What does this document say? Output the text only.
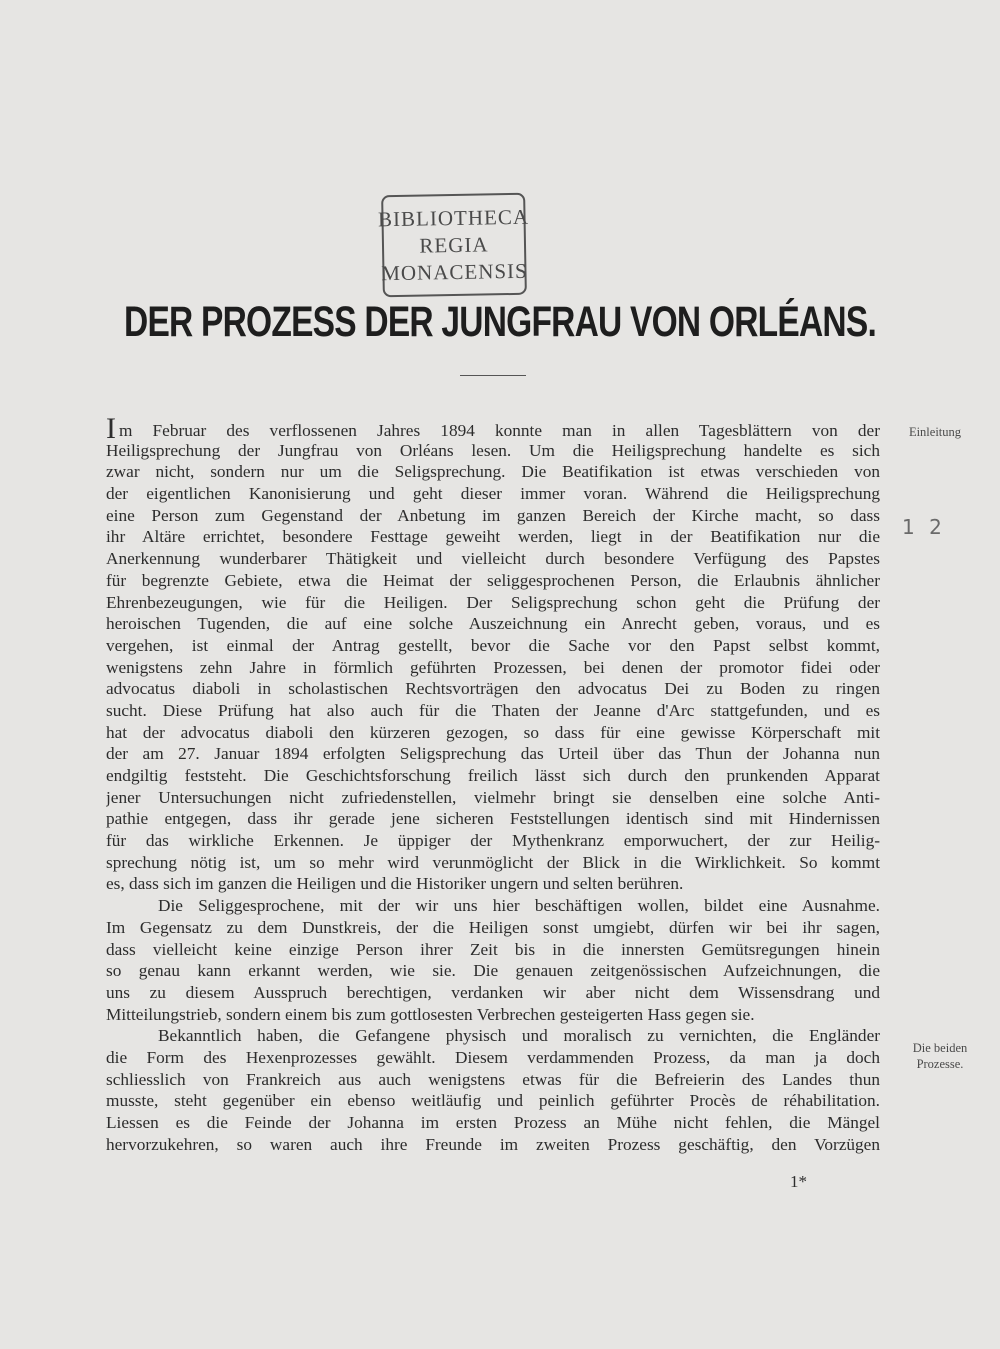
BIBLIOTHECA
REGIA
MONACENSIS
DER PROZESS DER JUNGFRAU VON ORLÉANS.
Einleitung
1 2
Die beiden
Prozesse.
Im Februar des verflossenen Jahres 1894 konnte man in allen Tagesblättern von der
Heiligsprechung der Jungfrau von Orléans lesen. Um die Heiligsprechung handelte es sich
zwar nicht, sondern nur um die Seligsprechung. Die Beatifikation ist etwas verschieden von
der eigentlichen Kanonisierung und geht dieser immer voran. Während die Heiligsprechung
eine Person zum Gegenstand der Anbetung im ganzen Bereich der Kirche macht, so dass
ihr Altäre errichtet, besondere Festtage geweiht werden, liegt in der Beatifikation nur die
Anerkennung wunderbarer Thätigkeit und vielleicht durch besondere Verfügung des Papstes
für begrenzte Gebiete, etwa die Heimat der seliggesprochenen Person, die Erlaubnis ähnlicher
Ehrenbezeugungen, wie für die Heiligen. Der Seligsprechung schon geht die Prüfung der
heroischen Tugenden, die auf eine solche Auszeichnung ein Anrecht geben, voraus, und es
vergehen, ist einmal der Antrag gestellt, bevor die Sache vor den Papst selbst kommt,
wenigstens zehn Jahre in förmlich geführten Prozessen, bei denen der promotor fidei oder
advocatus diaboli in scholastischen Rechtsvorträgen den advocatus Dei zu Boden zu ringen
sucht. Diese Prüfung hat also auch für die Thaten der Jeanne d'Arc stattgefunden, und es
hat der advocatus diaboli den kürzeren gezogen, so dass für eine gewisse Körperschaft mit
der am 27. Januar 1894 erfolgten Seligsprechung das Urteil über das Thun der Johanna nun
endgiltig feststeht. Die Geschichtsforschung freilich lässt sich durch den prunkenden Apparat
jener Untersuchungen nicht zufriedenstellen, vielmehr bringt sie denselben eine solche Anti-
pathie entgegen, dass ihr gerade jene sicheren Feststellungen identisch sind mit Hindernissen
für das wirkliche Erkennen. Je üppiger der Mythenkranz emporwuchert, der zur Heilig-
sprechung nötig ist, um so mehr wird verunmöglicht der Blick in die Wirklichkeit. So kommt
es, dass sich im ganzen die Heiligen und die Historiker ungern und selten berühren.
Die Seliggesprochene, mit der wir uns hier beschäftigen wollen, bildet eine Ausnahme.
Im Gegensatz zu dem Dunstkreis, der die Heiligen sonst umgiebt, dürfen wir bei ihr sagen,
dass vielleicht keine einzige Person ihrer Zeit bis in die innersten Gemütsregungen hinein
so genau kann erkannt werden, wie sie. Die genauen zeitgenössischen Aufzeichnungen, die
uns zu diesem Ausspruch berechtigen, verdanken wir aber nicht dem Wissensdrang und
Mitteilungstrieb, sondern einem bis zum gottlosesten Verbrechen gesteigerten Hass gegen sie.
Bekanntlich haben, die Gefangene physisch und moralisch zu vernichten, die Engländer
die Form des Hexenprozesses gewählt. Diesem verdammenden Prozess, da man ja doch
schliesslich von Frankreich aus auch wenigstens etwas für die Befreierin des Landes thun
musste, steht gegenüber ein ebenso weitläufig und peinlich geführter Procès de réhabilitation.
Liessen es die Feinde der Johanna im ersten Prozess an Mühe nicht fehlen, die Mängel
hervorzukehren, so waren auch ihre Freunde im zweiten Prozess geschäftig, den Vorzügen
1*
